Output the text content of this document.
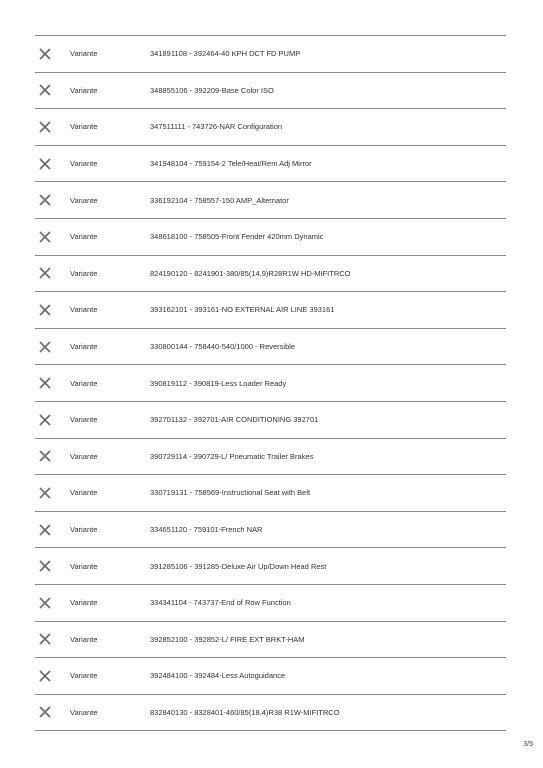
Variante	341891108 - 392464-40 KPH DCT FD PUMP
Variante	348855106 - 392209-Base Color ISO
Variante	347511111 - 743726-NAR Configuration
Variante	341948104 - 759154-2 Tele/Heat/Rem Adj Mirror
Variante	336192104 - 758557-150 AMP_Alternator
Variante	348618100 - 758505-Front Fender 420mm Dynamic
Variante	824190120 - 8241901-380/85(14.9)R28R1W HD-MIFITRCO
Variante	393162101 - 393161-NO EXTERNAL AIR LINE 393161
Variante	330800144 - 758440-540/1000 - Reversible
Variante	390819112 - 390819-Less Loader Ready
Variante	392701132 - 392701-AIR CONDITIONING 392701
Variante	390729114 - 390729-L/ Pneumatic Trailer Brakes
Variante	330719131 - 758569-Instructional Seat with Belt
Variante	334651120 - 759101-French NAR
Variante	391285106 - 391285-Deluxe Air Up/Down Head Rest
Variante	334341104 - 743737-End of Row Function
Variante	392852100 - 392852-L/ FIRE EXT BRKT-HAM
Variante	392484100 - 392484-Less Autoguidance
Variante	832840130 - 8328401-460/85(18.4)R38 R1W-MIFITRCO
3/5
